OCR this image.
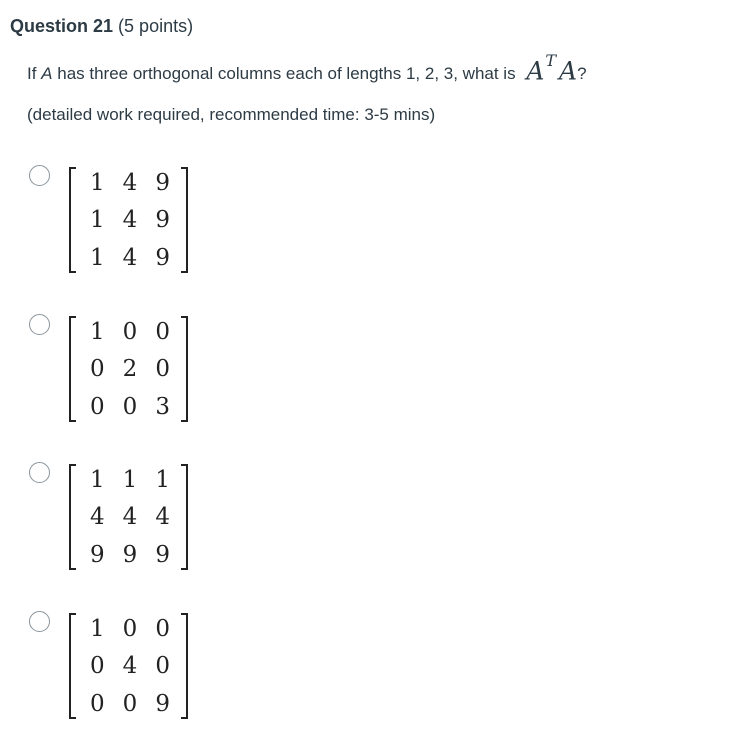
Question 21 (5 points)
If A has three orthogonal columns each of lengths 1, 2, 3, what is $A^T$ A ?
(detailed work required, recommended time: 3-5 mins)
1 4 9
1 4 9
1 4 9
1 0 0
0 2 0
0 0 3
1 1 1
4 4 4
9 9 9
1 0 0
0 4 0
0 0 9
